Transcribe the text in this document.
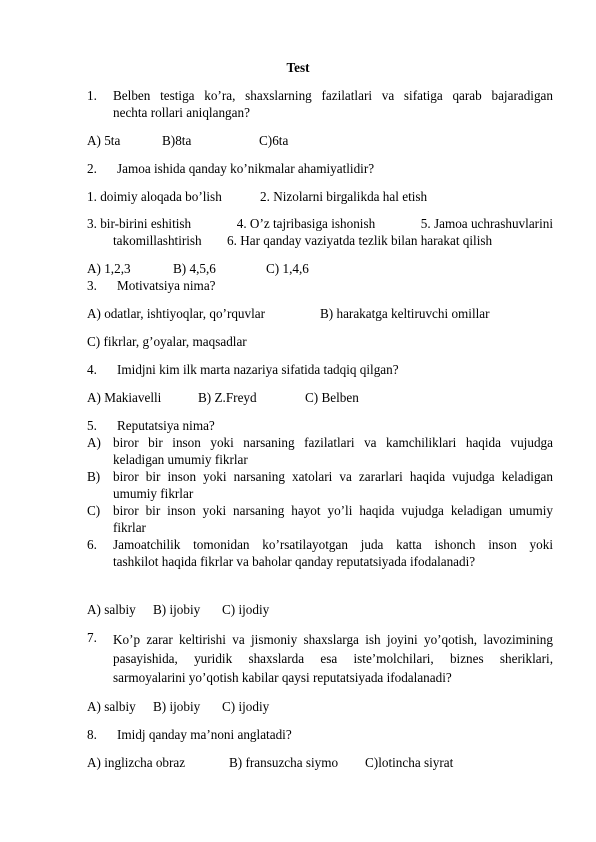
Test
1.	Belben testiga ko’ra, shaxslarning fazilatlari va sifatiga qarab bajaradigan
nechta rollari aniqlangan?
A) 5ta	B)8ta	C)6ta
2.	Jamoa ishida qanday ko’nikmalar ahamiyatlidir?
1. doimiy aloqada bo’lish	2. Nizolarni birgalikda hal etish
3. bir-birini eshitish	4. O’z tajribasiga ishonish	5. Jamoa uchrashuvlarini
takomillashtirish 6. Har qanday vaziyatda tezlik bilan harakat qilish
A) 1,2,3	B) 4,5,6	C) 1,4,6
3.	Motivatsiya nima?
A) odatlar, ishtiyoqlar, qo’rquvlar	B) harakatga keltiruvchi omillar
C) fikrlar, g’oyalar, maqsadlar
4.	Imidjni kim ilk marta nazariya sifatida tadqiq qilgan?
A) Makiavelli	B) Z.Freyd	C) Belben
5.	Reputatsiya nima?
A) biror bir inson yoki narsaning fazilatlari va kamchiliklari haqida vujudga
keladigan umumiy fikrlar
B) biror bir inson yoki narsaning xatolari va zararlari haqida vujudga keladigan
umumiy fikrlar
C) biror bir inson yoki narsaning hayot yo’li haqida vujudga keladigan umumiy
fikrlar
6.	Jamoatchilik tomonidan ko’rsatilayotgan juda katta ishonch inson yoki
tashkilot haqida fikrlar va baholar qanday reputatsiyada ifodalanadi?
A) salbiy B) ijobiy C) ijodiy
7.	Ko’p zarar keltirishi va jismoniy shaxslarga ish joyini yo’qotish, lavozimining
pasayishida, yuridik shaxslarda esa iste’molchilari, biznes sheriklari,
sarmoyalarini yo’qotish kabilar qaysi reputatsiyada ifodalanadi?
A) salbiy B) ijobiy C) ijodiy
8.	Imidj qanday ma’noni anglatadi?
A) inglizcha obraz	B) fransuzcha siymo C)lotincha siyrat
